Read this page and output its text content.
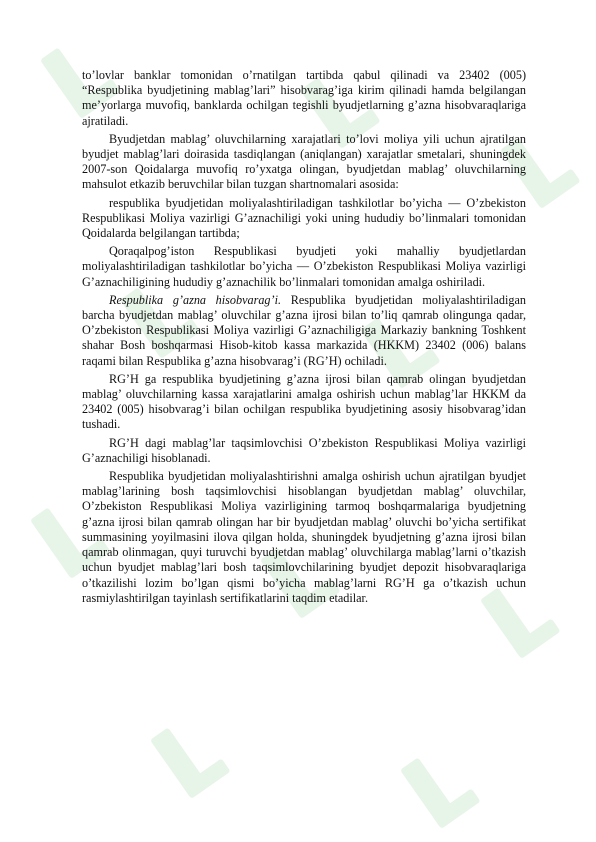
to’lovlar banklar tomonidan o’rnatilgan tartibda qabul qilinadi va 23402 (005) “Respublika byudjetining mablag’lari” hisobvarag’iga kirim qilinadi hamda belgilangan me’yorlarga muvofiq, banklarda ochilgan tegishli byudjetlarning g’azna hisobvaraqlariga ajratiladi.

Byudjetdan mablag’ oluvchilarning xarajatlari to’lovi moliya yili uchun ajratilgan byudjet mablag’lari doirasida tasdiqlangan (aniqlangan) xarajatlar smetalari, shuningdek 2007-son Qoidalarga muvofiq ro’yxatga olingan, byudjetdan mablag’ oluvchilarning mahsulot etkazib beruvchilar bilan tuzgan shartnomalari asosida:

respublika byudjetidan moliyalashtiriladigan tashkilotlar bo’yicha — O’zbekiston Respublikasi Moliya vazirligi G’aznachiligi yoki uning hududiy bo’linmalari tomonidan Qoidalarda belgilangan tartibda;

Qoraqalpog’iston Respublikasi byudjeti yoki mahalliy byudjetlardan moliyalashtiriladigan tashkilotlar bo’yicha — O’zbekiston Respublikasi Moliya vazirligi G’aznachiligining hududiy g’aznachilik bo’linmalari tomonidan amalga oshiriladi.

Respublika g’azna hisobvarag’i. Respublika byudjetidan moliyalashtiriladigan barcha byudjetdan mablag’ oluvchilar g’azna ijrosi bilan to’liq qamrab olingunga qadar, O’zbekiston Respublikasi Moliya vazirligi G’aznachiligiga Markaziy bankning Toshkent shahar Bosh boshqarmasi Hisob-kitob kassa markazida (HKKM) 23402 (006) balans raqami bilan Respublika g’azna hisobvarag’i (RG’H) ochiladi.

RG’H ga respublika byudjetining g’azna ijrosi bilan qamrab olingan byudjetdan mablag’ oluvchilarning kassa xarajatlarini amalga oshirish uchun mablag’lar HKKM da 23402 (005) hisobvarag’i bilan ochilgan respublika byudjetining asosiy hisobvarag’idan tushadi.

RG’H dagi mablag’lar taqsimlovchisi O’zbekiston Respublikasi Moliya vazirligi G’aznachiligi hisoblanadi.

Respublika byudjetidan moliyalashtirishni amalga oshirish uchun ajratilgan byudjet mablag’larining bosh taqsimlovchisi hisoblangan byudjetdan mablag’ oluvchilar, O’zbekiston Respublikasi Moliya vazirligining tarmoq boshqarmalariga byudjetning g’azna ijrosi bilan qamrab olingan har bir byudjetdan mablag’ oluvchi bo’yicha sertifikat summasining yoyilmasini ilova qilgan holda, shuningdek byudjetning g’azna ijrosi bilan qamrab olinmagan, quyi turuvchi byudjetdan mablag’ oluvchilarga mablag’larni o’tkazish uchun byudjet mablag’lari bosh taqsimlovchilarining byudjet depozit hisobvaraqlariga o’tkazilishi lozim bo’lgan qismi bo’yicha mablag’larni RG’H ga o’tkazish uchun rasmiylashtirilgan tayinlash sertifikatlarini taqdim etadilar.
